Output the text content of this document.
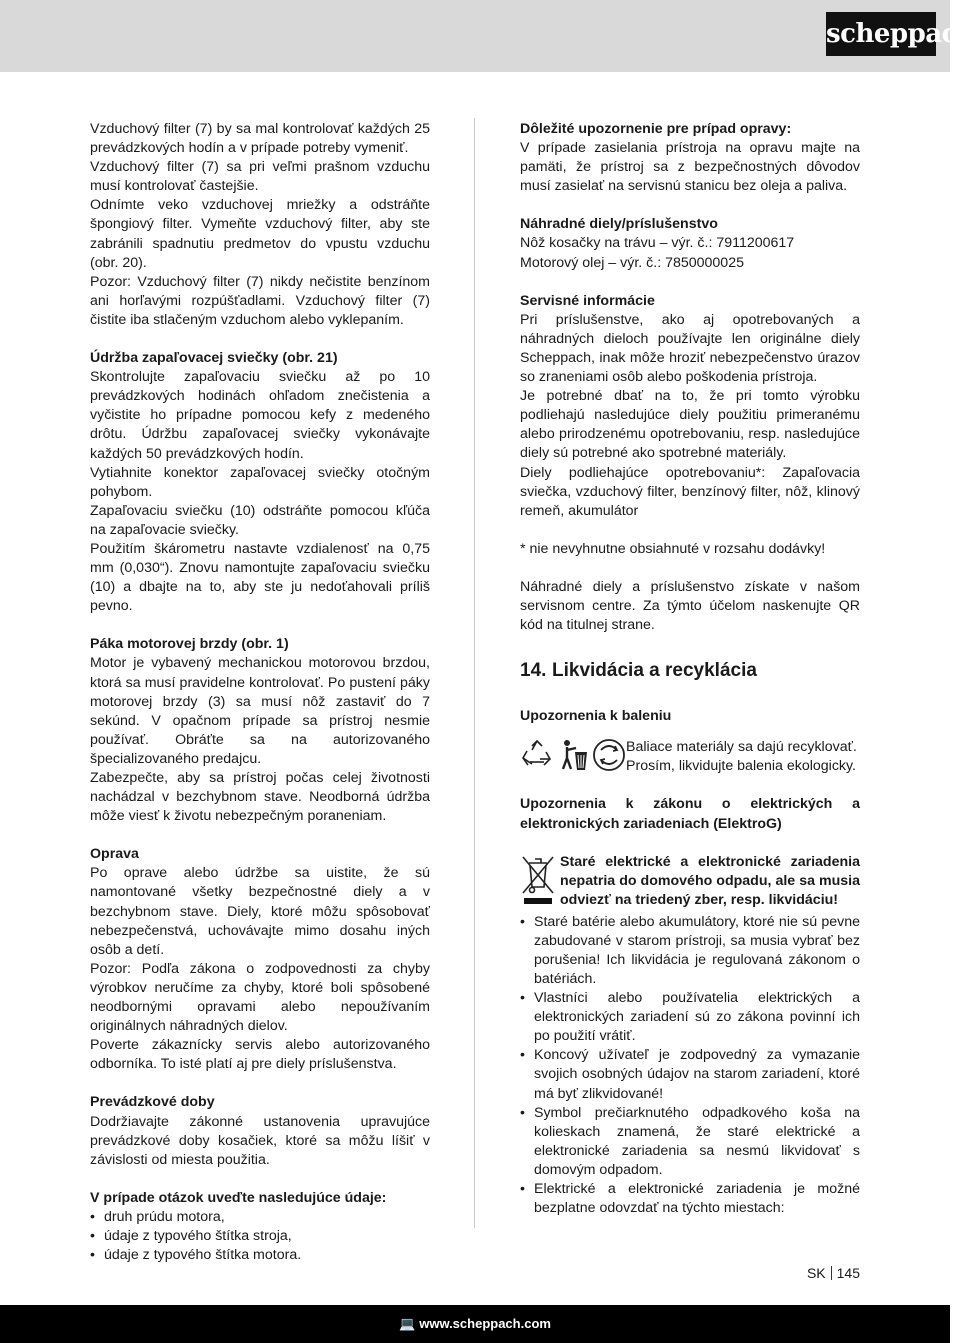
scheppach

Vzduchový filter (7) by sa mal kontrolovať každých 25 prevádzkových hodín a v prípade potreby vymeniť.

Vzduchový filter (7) sa pri veľmi prašnom vzduchu musí kontrolovať častejšie.

Odnímte veko vzduchovej mriežky a odstráňte špongiový filter. Vymeňte vzduchový filter, aby ste zabránili spadnutiu predmetov do vpustu vzduchu (obr. 20).

Pozor: Vzduchový filter (7) nikdy nečistite benzínom ani horľavými rozpúšťadlami. Vzduchový filter (7) čistite iba stlačeným vzduchom alebo vyklepaním.

Údržba zapaľovacej sviečky (obr. 21)

Skontrolujte zapaľovaciu sviečku až po 10 prevádzkových hodinách ohľadom znečistenia a vyčistite ho prípadne pomocou kefy z medeného drôtu. Údržbu zapaľovacej sviečky vykonávajte každých 50 prevádzkových hodín.

Vytiahnite konektor zapaľovacej sviečky otočným pohybom.

Zapaľovaciu sviečku (10) odstráňte pomocou kľúča na zapaľovacie sviečky.

Použitím škárometru nastavte vzdialenosť na 0,75 mm (0,030“). Znovu namontujte zapaľovaciu sviečku (10) a dbajte na to, aby ste ju nedoťahovali príliš pevno.

Páka motorovej brzdy (obr. 1)

Motor je vybavený mechanickou motorovou brzdou, ktorá sa musí pravidelne kontrolovať. Po pustení páky motorovej brzdy (3) sa musí nôž zastaviť do 7 sekúnd. V opačnom prípade sa prístroj nesmie používať. Obráťte sa na autorizovaného špecializovaného predajcu.

Zabezpečte, aby sa prístroj počas celej životnosti nachádzal v bezchybnom stave. Neodborná údržba môže viesť k životu nebezpečným poraneniam.

Oprava

Po oprave alebo údržbe sa uistite, že sú namontované všetky bezpečnostné diely a v bezchybnom stave. Diely, ktoré môžu spôsobovať nebezpečenstvá, uchovávajte mimo dosahu iných osôb a detí.

Pozor: Podľa zákona o zodpovednosti za chyby výrobkov neručíme za chyby, ktoré boli spôsobené neodbornými opravami alebo nepoužívaním originálnych náhradných dielov.

Poverte zákaznícky servis alebo autorizovaného odborníka. To isté platí aj pre diely príslušenstva.

Prevádzkové doby

Dodržiavajte zákonné ustanovenia upravujúce prevádzkové doby kosačiek, ktoré sa môžu líšiť v závislosti od miesta použitia.

V prípade otázok uveďte nasledujúce údaje:

• druh prúdu motora,
• údaje z typového štítka stroja,
• údaje z typového štítka motora.

Dôležité upozornenie pre prípad opravy:

V prípade zasielania prístroja na opravu majte na pamäti, že prístroj sa z bezpečnostných dôvodov musí zasielať na servisnú stanicu bez oleja a paliva.

Náhradné diely/príslušenstvo

Nôž kosačky na trávu – výr. č.: 7911200617

Motorový olej – výr. č.: 7850000025

Servisné informácie

Pri príslušenstve, ako aj opotrebovaných a náhradných dieloch používajte len originálne diely Scheppach, inak môže hroziť nebezpečenstvo úrazov so zraneniami osôb alebo poškodenia prístroja.

Je potrebné dbať na to, že pri tomto výrobku podliehajú nasledujúce diely použitiu primeranému alebo prirodzenému opotrebovaniu, resp. nasledujúce diely sú potrebné ako spotrebné materiály.

Diely podliehajúce opotrebovaniu*: Zapaľovacia sviečka, vzduchový filter, benzínový filter, nôž, klinový remeň, akumulátor

* nie nevyhnutne obsiahnuté v rozsahu dodávky!

Náhradné diely a príslušenstvo získate v našom servisnom centre. Za týmto účelom naskenujte QR kód na titulnej strane.

14. Likvidácia a recyklácia

Upozornenia k baleniu

Baliace materiály sa dajú recyklovať. Prosím, likvidujte balenia ekologicky.

Upozornenia k zákonu o elektrických a elektronických zariadeniach (ElektroG)

Staré elektrické a elektronické zariadenia nepatria do domového odpadu, ale sa musia odviezť na triedený zber, resp. likvidáciu!

• Staré batérie alebo akumulátory, ktoré nie sú pevne zabudované v starom prístroji, sa musia vybrať bez porušenia! Ich likvidácia je regulovaná zákonom o batériách.
• Vlastníci alebo používatelia elektrických a elektronických zariadení sú zo zákona povinní ich po použití vrátiť.
• Koncový užívateľ je zodpovedný za vymazanie svojich osobných údajov na starom zariadení, ktoré má byť zlikvidované!
• Symbol prečiarknutého odpadkového koša na kolieskach znamená, že staré elektrické a elektronické zariadenia sa nesmú likvidovať s domovým odpadom.
• Elektrické a elektronické zariadenia je možné bezplatne odovzdať na týchto miestach:
SK 145
💻 www.scheppach.com
